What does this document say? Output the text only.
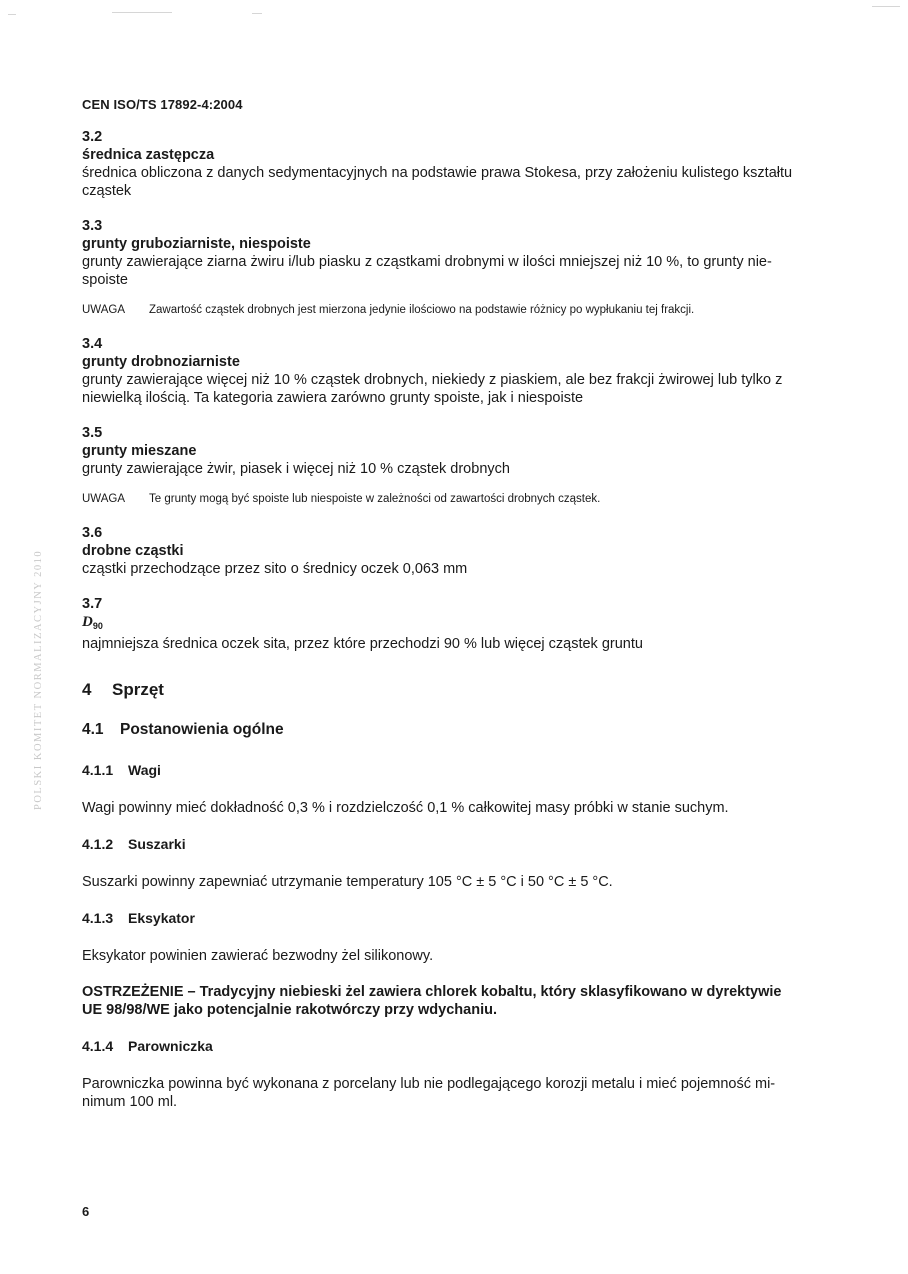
CEN ISO/TS 17892-4:2004
POLSKI KOMITET NORMALIZACYJNY 2010

3.2

średnica zastępcza

średnica obliczona z danych sedymentacyjnych na podstawie prawa Stokesa, przy założeniu kulistego kształtu cząstek

3.3

grunty gruboziarniste, niespoiste

grunty zawierające ziarna żwiru i/lub piasku z cząstkami drobnymi w ilości mniejszej niż 10 %, to grunty nie-spoiste

UWAGA Zawartość cząstek drobnych jest mierzona jedynie ilościowo na podstawie różnicy po wypłukaniu tej frakcji.

3.4

grunty drobnoziarniste

grunty zawierające więcej niż 10 % cząstek drobnych, niekiedy z piaskiem, ale bez frakcji żwirowej lub tylko z niewielką ilością. Ta kategoria zawiera zarówno grunty spoiste, jak i niespoiste

3.5

grunty mieszane

grunty zawierające żwir, piasek i więcej niż 10 % cząstek drobnych

UWAGA Te grunty mogą być spoiste lub niespoiste w zależności od zawartości drobnych cząstek.

3.6

drobne cząstki

cząstki przechodzące przez sito o średnicy oczek 0,063 mm

3.7

$D_{90}$

najmniejsza średnica oczek sita, przez które przechodzi 90 % lub więcej cząstek gruntu

4 Sprzęt
4.1 Postanowienia ogólne
4.1.1 Wagi

Wagi powinny mieć dokładność 0,3 % i rozdzielczość 0,1 % całkowitej masy próbki w stanie suchym.

4.1.2 Suszarki

Suszarki powinny zapewniać utrzymanie temperatury 105 °C ± 5 °C i 50 °C ± 5 °C.

4.1.3 Eksykator

Eksykator powinien zawierać bezwodny żel silikonowy.

OSTRZEŻENIE – Tradycyjny niebieski żel zawiera chlorek kobaltu, który sklasyfikowano w dyrektywie UE 98/98/WE jako potencjalnie rakotwórczy przy wdychaniu.

4.1.4 Parowniczka

Parowniczka powinna być wykonana z porcelany lub nie podlegającego korozji metalu i mieć pojemność mi-nimum 100 ml.

6
